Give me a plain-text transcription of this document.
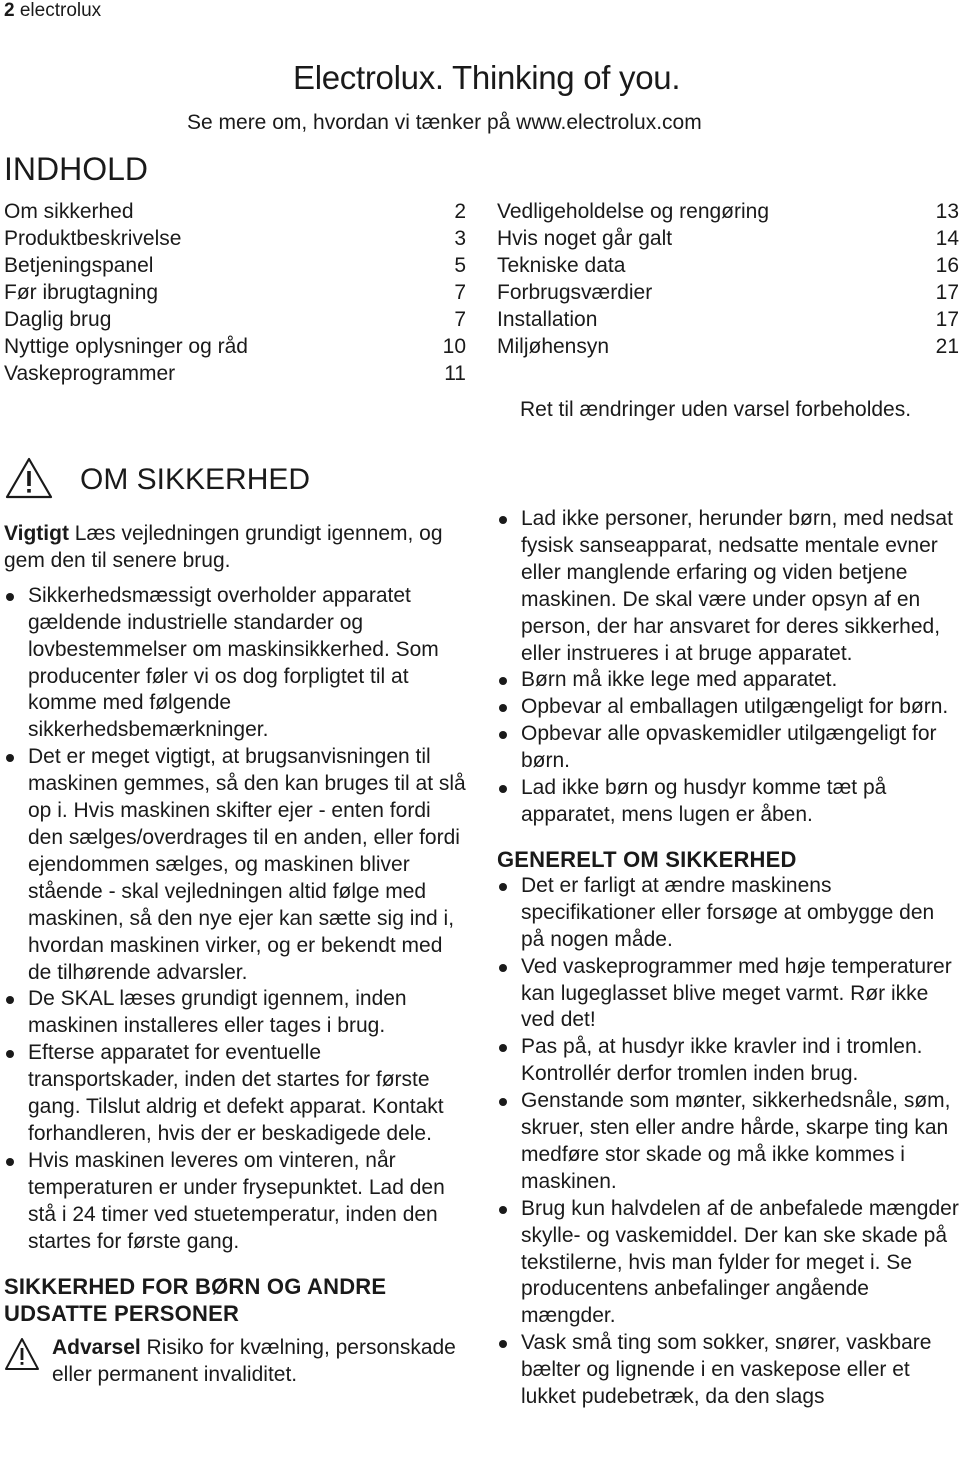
2 electrolux
Electrolux. Thinking of you.
Se mere om, hvordan vi tænker på www.electrolux.com
INDHOLD
Om sikkerhed	2
Produktbeskrivelse	3
Betjeningspanel	5
Før ibrugtagning	7
Daglig brug	7
Nyttige oplysninger og råd	10
Vaskeprogrammer	11
Vedligeholdelse og rengøring	13
Hvis noget går galt	14
Tekniske data	16
Forbrugsværdier	17
Installation	17
Miljøhensyn	21
Ret til ændringer uden varsel forbeholdes.
OM SIKKERHED

Vigtigt Læs vejledningen grundigt igennem, og gem den til senere brug.

Sikkerhedsmæssigt overholder apparatet gældende industrielle standarder og lovbestemmelser om maskinsikkerhed. Som producenter føler vi os dog forpligtet til at komme med følgende sikkerhedsbemærkninger.
Det er meget vigtigt, at brugsanvisningen til maskinen gemmes, så den kan bruges til at slå op i. Hvis maskinen skifter ejer - enten fordi den sælges/overdrages til en anden, eller fordi ejendommen sælges, og maskinen bliver stående - skal vejledningen altid følge med maskinen, så den nye ejer kan sætte sig ind i, hvordan maskinen virker, og er bekendt med de tilhørende advarsler.
De SKAL læses grundigt igennem, inden maskinen installeres eller tages i brug.
Efterse apparatet for eventuelle transportskader, inden det startes for første gang. Tilslut aldrig et defekt apparat. Kontakt forhandleren, hvis der er beskadigede dele.
Hvis maskinen leveres om vinteren, når temperaturen er under frysepunktet. Lad den stå i 24 timer ved stuetemperatur, inden den startes for første gang.
SIKKERHED FOR BØRN OG ANDRE UDSATTE PERSONER
Advarsel Risiko for kvælning, personskade eller permanent invaliditet.
Lad ikke personer, herunder børn, med nedsat fysisk sanseapparat, nedsatte mentale evner eller manglende erfaring og viden betjene maskinen. De skal være under opsyn af en person, der har ansvaret for deres sikkerhed, eller instrueres i at bruge apparatet.
Børn må ikke lege med apparatet.
Opbevar al emballagen utilgængeligt for børn.
Opbevar alle opvaskemidler utilgængeligt for børn.
Lad ikke børn og husdyr komme tæt på apparatet, mens lugen er åben.
GENERELT OM SIKKERHED
Det er farligt at ændre maskinens specifikationer eller forsøge at ombygge den på nogen måde.
Ved vaskeprogrammer med høje temperaturer kan lugeglasset blive meget varmt. Rør ikke ved det!
Pas på, at husdyr ikke kravler ind i tromlen. Kontrollér derfor tromlen inden brug.
Genstande som mønter, sikkerhedsnåle, søm, skruer, sten eller andre hårde, skarpe ting kan medføre stor skade og må ikke kommes i maskinen.
Brug kun halvdelen af de anbefalede mængder skylle- og vaskemiddel. Der kan ske skade på tekstilerne, hvis man fylder for meget i. Se producentens anbefalinger angående mængder.
Vask små ting som sokker, snører, vaskbare bælter og lignende i en vaskepose eller et lukket pudebetræk, da den slags
